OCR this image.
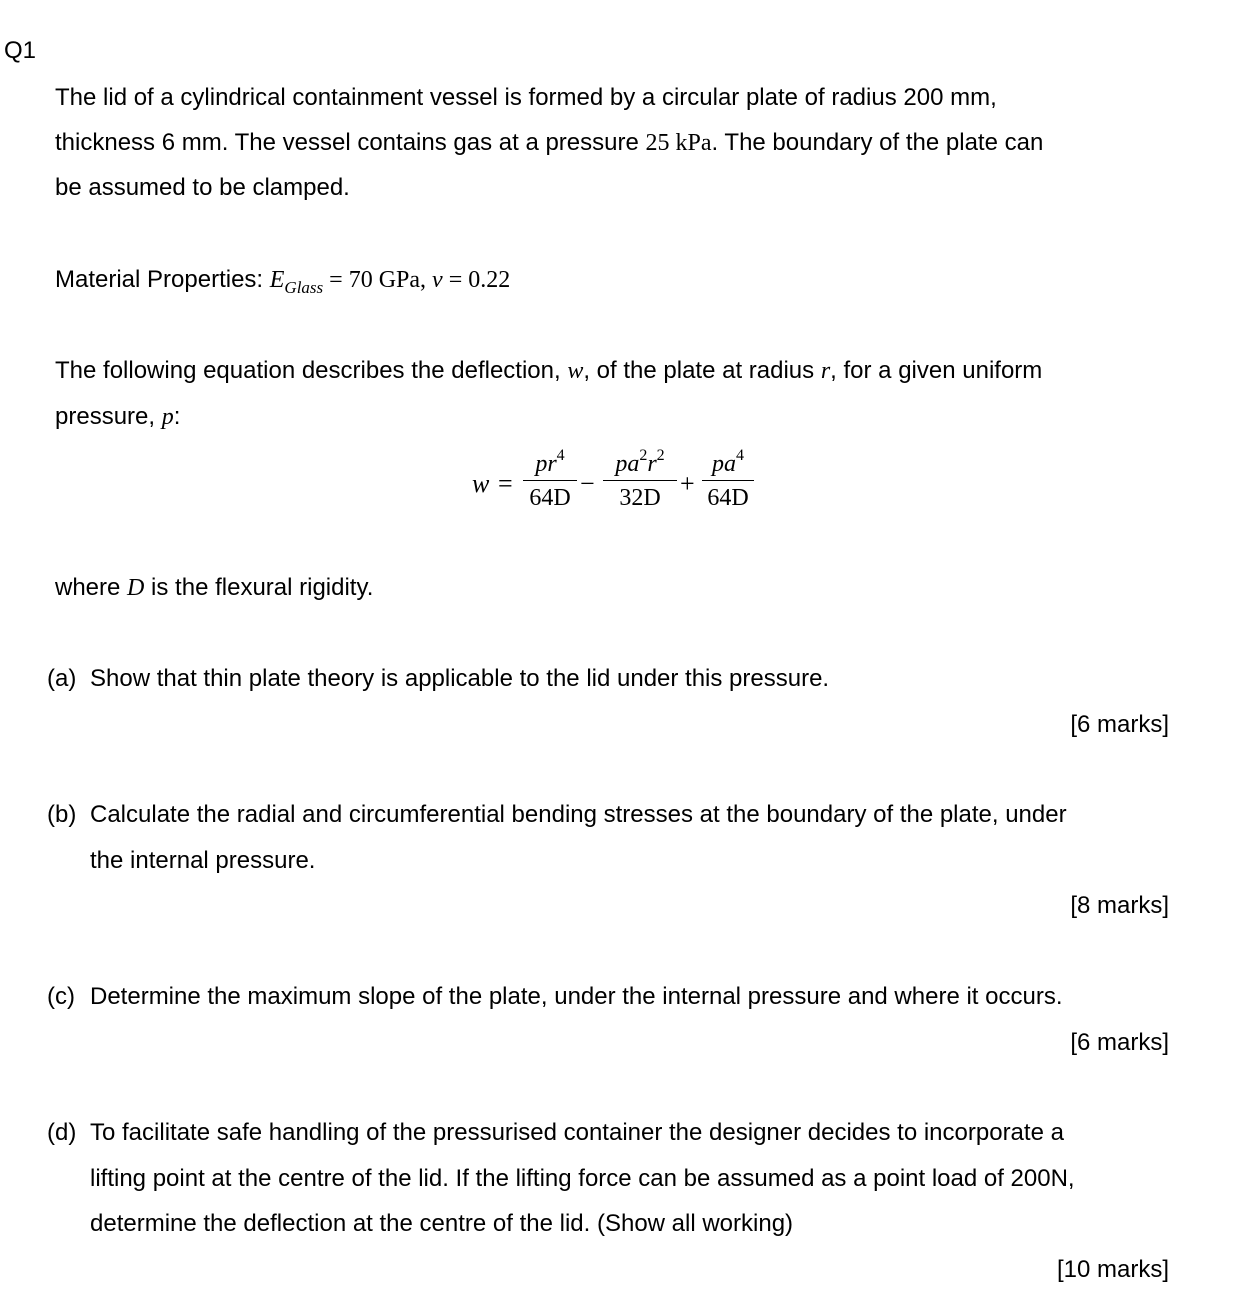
Q1
The lid of a cylindrical containment vessel is formed by a circular plate of radius 200 mm,
thickness 6 mm. The vessel contains gas at a pressure 25 kPa. The boundary of the plate can
be assumed to be clamped.
Material Properties: $E_{Glass} = 70$ GPa, ν = 0.22
The following equation describes the deflection, w, of the plate at radius r, for a given uniform
pressure, p:
w =
$pr^4$
64D −
$pa^2r^2$
32D +
$pa^4$
64D
where D is the flexural rigidity.
(a) Show that thin plate theory is applicable to the lid under this pressure.
[6 marks]
(b) Calculate the radial and circumferential bending stresses at the boundary of the plate, under
the internal pressure.
[8 marks]
(c) Determine the maximum slope of the plate, under the internal pressure and where it occurs.
[6 marks]
(d) To facilitate safe handling of the pressurised container the designer decides to incorporate a
lifting point at the centre of the lid. If the lifting force can be assumed as a point load of 200N,
determine the deflection at the centre of the lid. (Show all working)
[10 marks]
